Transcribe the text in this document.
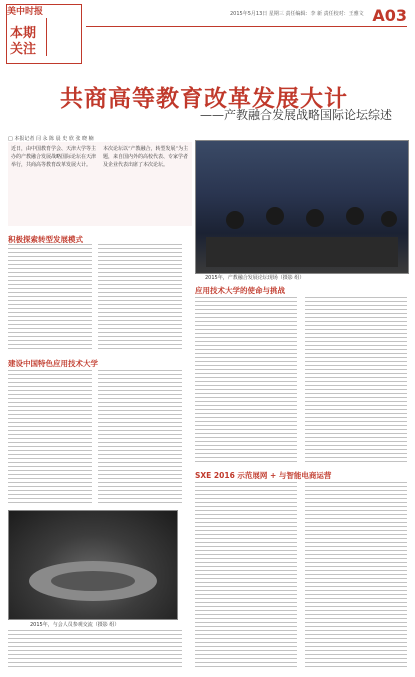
美中时报
本期关注
2015年5月13日 星期三 责任编辑：李 新 责任校对：王雅文 A03
共商高等教育改革发展大计
——产教融合发展战略国际论坛综述
□ 本报记者 闫 永 陈 晨 史 欣 张 晓 楠
近日，由中国教育学会、天津大学等主办的产教融合发展战略国际论坛在天津举行，共商高等教育改革发展大计。
本次论坛以“产教融合，转型发展”为主题，来自国内外的高校代表、专家学者及企业代表出席了本次论坛。
2015年，产教融合发展论坛现场（摄影 组）
2015年，与会人员参观交流（摄影 组）
积极探索转型发展模式
建设中国特色应用技术大学
应用技术大学的使命与挑战
SXE 2016 示范展网 + 与智能电商运营
